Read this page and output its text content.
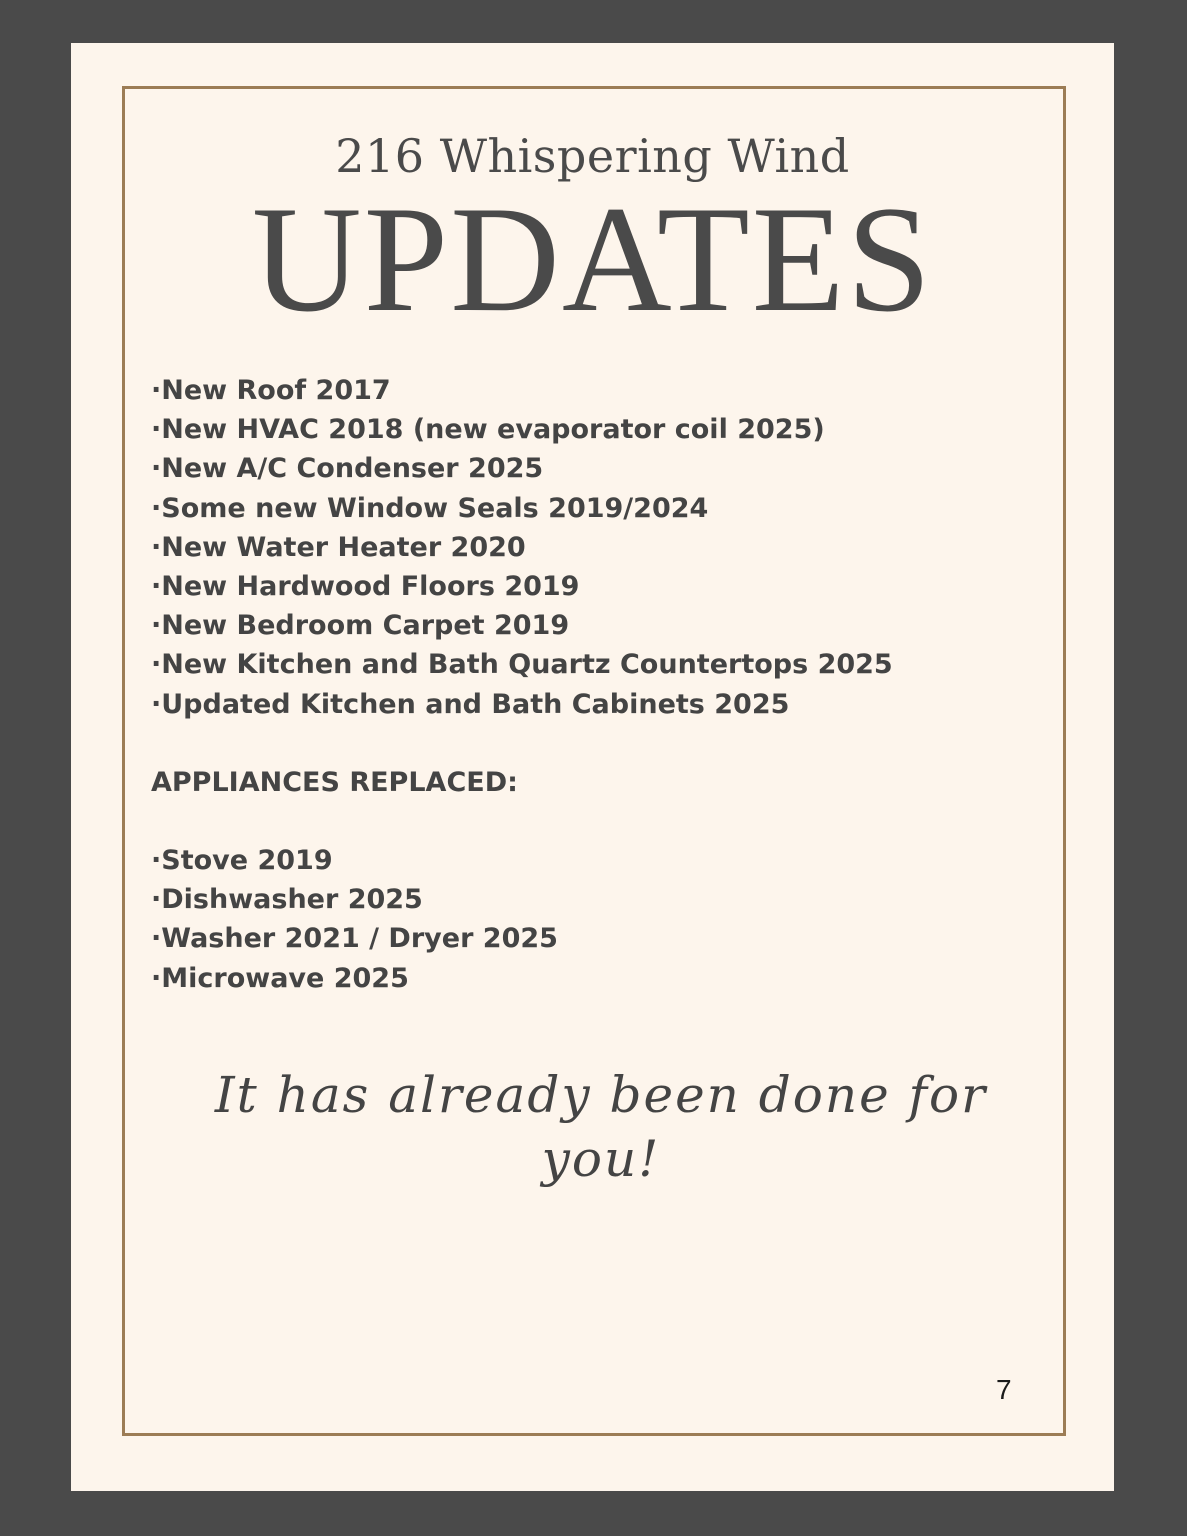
216 Whispering Wind
UPDATES
·New Roof 2017
·New HVAC 2018 (new evaporator coil 2025)
·New A/C Condenser 2025
·Some new Window Seals 2019/2024
·New Water Heater 2020
·New Hardwood Floors 2019
·New Bedroom Carpet 2019
·New Kitchen and Bath Quartz Countertops 2025
·Updated Kitchen and Bath Cabinets 2025
APPLIANCES REPLACED:
·Stove 2019
·Dishwasher 2025
·Washer 2021 / Dryer 2025
·Microwave 2025
It has already been done for you!
7
